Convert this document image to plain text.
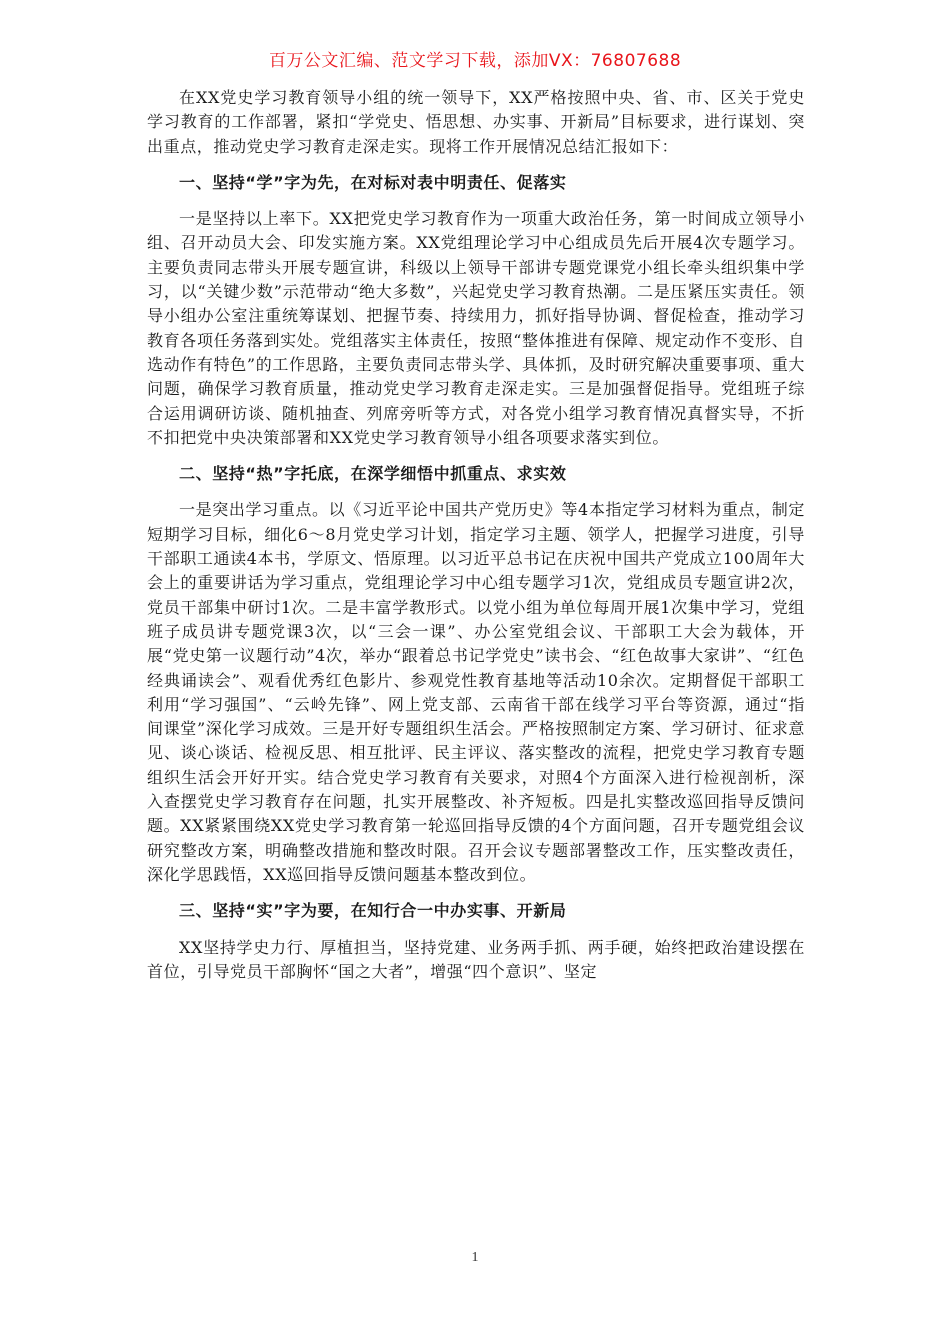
百万公文汇编、范文学习下载，添加VX：76807688

在XX党史学习教育领导小组的统一领导下，XX严格按照中央、省、市、区关于党史学习教育的工作部署，紧扣“学党史、悟思想、办实事、开新局”目标要求，进行谋划、突出重点，推动党史学习教育走深走实。现将工作开展情况总结汇报如下：

一、坚持“学”字为先，在对标对表中明责任、促落实

一是坚持以上率下。XX把党史学习教育作为一项重大政治任务，第一时间成立领导小组、召开动员大会、印发实施方案。XX党组理论学习中心组成员先后开展4次专题学习。主要负责同志带头开展专题宣讲，科级以上领导干部讲专题党课党小组长牵头组织集中学习，以“关键少数”示范带动“绝大多数”，兴起党史学习教育热潮。二是压紧压实责任。领导小组办公室注重统筹谋划、把握节奏、持续用力，抓好指导协调、督促检查，推动学习教育各项任务落到实处。党组落实主体责任，按照“整体推进有保障、规定动作不变形、自选动作有特色”的工作思路，主要负责同志带头学、具体抓，及时研究解决重要事项、重大问题，确保学习教育质量，推动党史学习教育走深走实。三是加强督促指导。党组班子综合运用调研访谈、随机抽查、列席旁听等方式，对各党小组学习教育情况真督实导，不折不扣把党中央决策部署和XX党史学习教育领导小组各项要求落实到位。

二、坚持“热”字托底，在深学细悟中抓重点、求实效

一是突出学习重点。以《习近平论中国共产党历史》等4本指定学习材料为重点，制定短期学习目标，细化6～8月党史学习计划，指定学习主题、领学人，把握学习进度，引导干部职工通读4本书，学原文、悟原理。以习近平总书记在庆祝中国共产党成立100周年大会上的重要讲话为学习重点，党组理论学习中心组专题学习1次，党组成员专题宣讲2次，党员干部集中研讨1次。二是丰富学教形式。以党小组为单位每周开展1次集中学习，党组班子成员讲专题党课3次，以“三会一课”、办公室党组会议、干部职工大会为载体，开展“党史第一议题行动”4次，举办“跟着总书记学党史”读书会、“红色故事大家讲”、“红色经典诵读会”、观看优秀红色影片、参观党性教育基地等活动10余次。定期督促干部职工利用“学习强国”、“云岭先锋”、网上党支部、云南省干部在线学习平台等资源，通过“指间课堂”深化学习成效。三是开好专题组织生活会。严格按照制定方案、学习研讨、征求意见、谈心谈话、检视反思、相互批评、民主评议、落实整改的流程，把党史学习教育专题组织生活会开好开实。结合党史学习教育有关要求，对照4个方面深入进行检视剖析，深入查摆党史学习教育存在问题，扎实开展整改、补齐短板。四是扎实整改巡回指导反馈问题。XX紧紧围绕XX党史学习教育第一轮巡回指导反馈的4个方面问题，召开专题党组会议研究整改方案，明确整改措施和整改时限。召开会议专题部署整改工作，压实整改责任，深化学思践悟，XX巡回指导反馈问题基本整改到位。

三、坚持“实”字为要，在知行合一中办实事、开新局

XX坚持学史力行、厚植担当，坚持党建、业务两手抓、两手硬，始终把政治建设摆在首位，引导党员干部胸怀“国之大者”，增强“四个意识”、坚定

1
